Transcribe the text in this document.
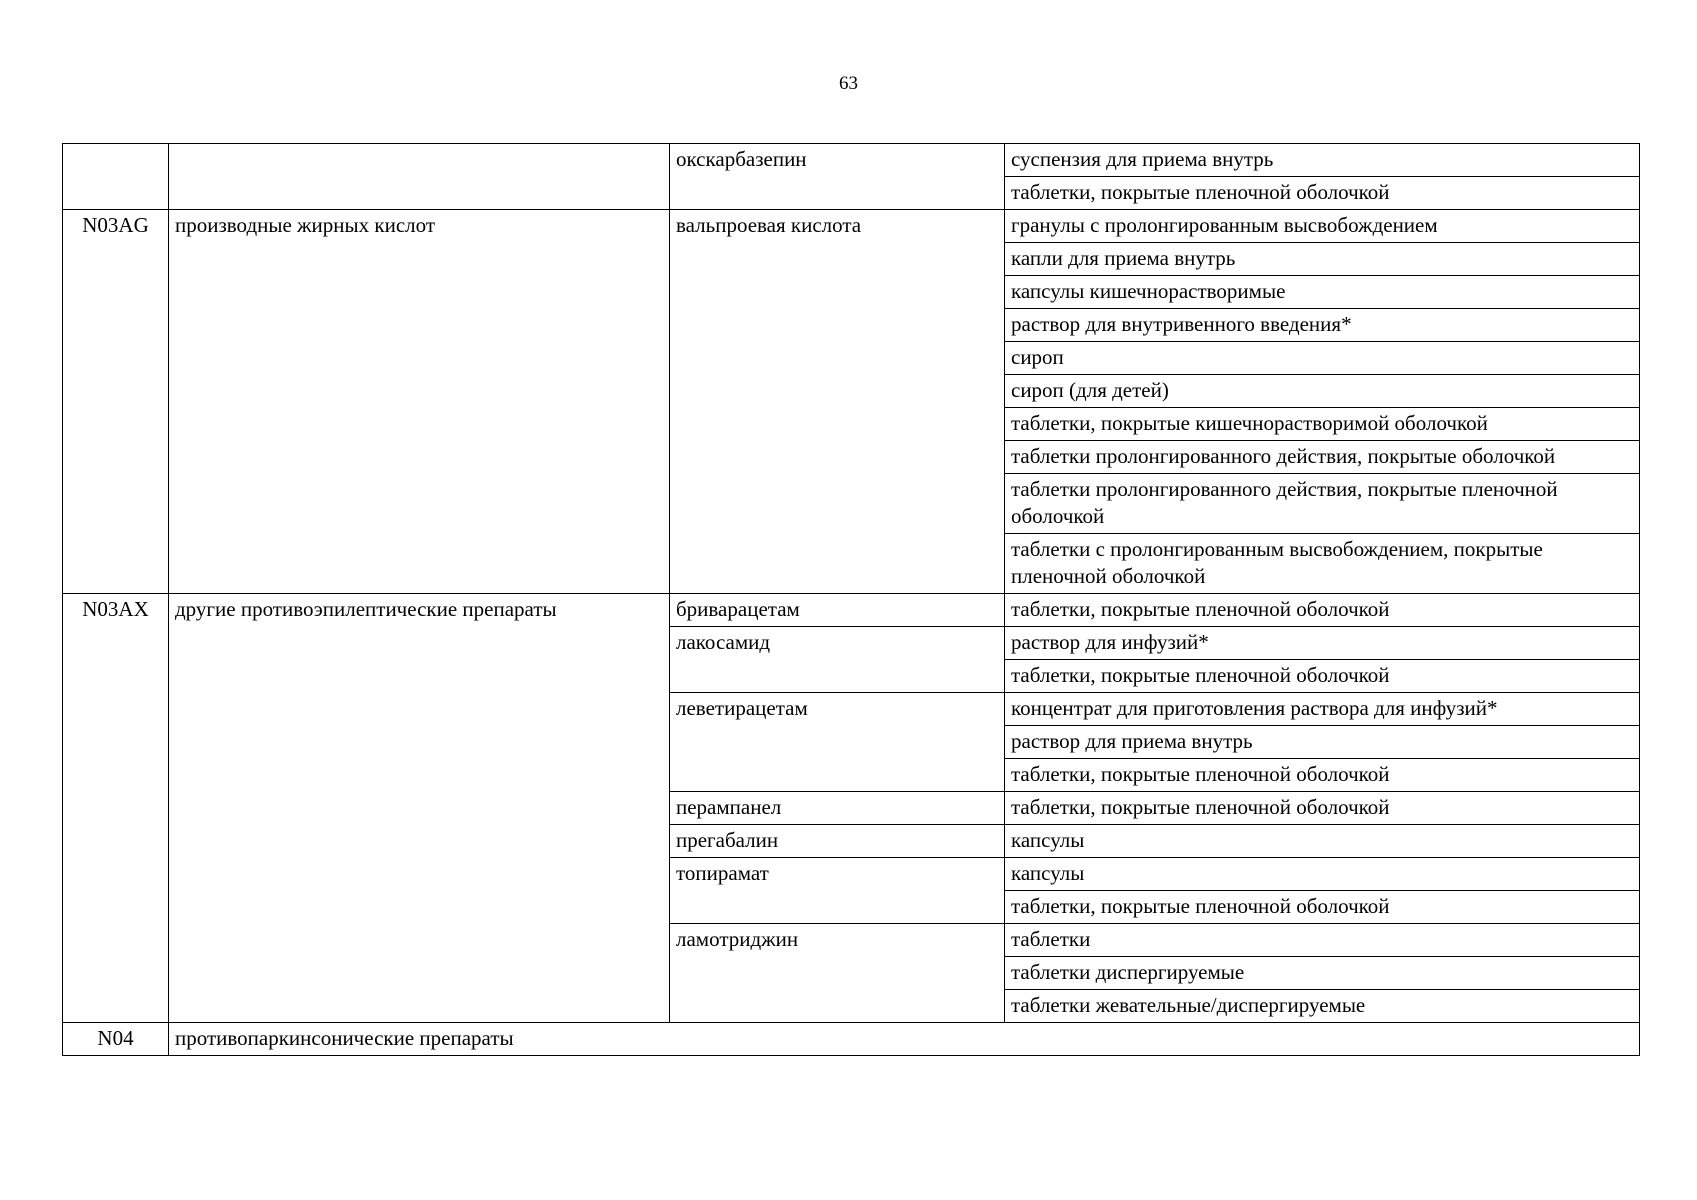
63
		окскарбазепин	суспензия для приема внутрь
			таблетки, покрытые пленочной оболочкой
N03AG	производные жирных кислот	вальпроевая кислота	гранулы с пролонгированным высвобождением
			капли для приема внутрь
			капсулы кишечнорастворимые
			раствор для внутривенного введения*
			сироп
			сироп (для детей)
			таблетки, покрытые кишечнорастворимой оболочкой
			таблетки пролонгированного действия, покрытые оболочкой
			таблетки пролонгированного действия, покрытые пленочной оболочкой
			таблетки с пролонгированным высвобождением, покрытые пленочной оболочкой
N03AX	другие противоэпилептические препараты	бриварацетам	таблетки, покрытые пленочной оболочкой
		лакосамид	раствор для инфузий*
			таблетки, покрытые пленочной оболочкой
		леветирацетам	концентрат для приготовления раствора для инфузий*
			раствор для приема внутрь
			таблетки, покрытые пленочной оболочкой
		перампанел	таблетки, покрытые пленочной оболочкой
		прегабалин	капсулы
		топирамат	капсулы
			таблетки, покрытые пленочной оболочкой
		ламотриджин	таблетки
			таблетки диспергируемые
			таблетки жевательные/диспергируемые
N04	противопаркинсонические препараты		
